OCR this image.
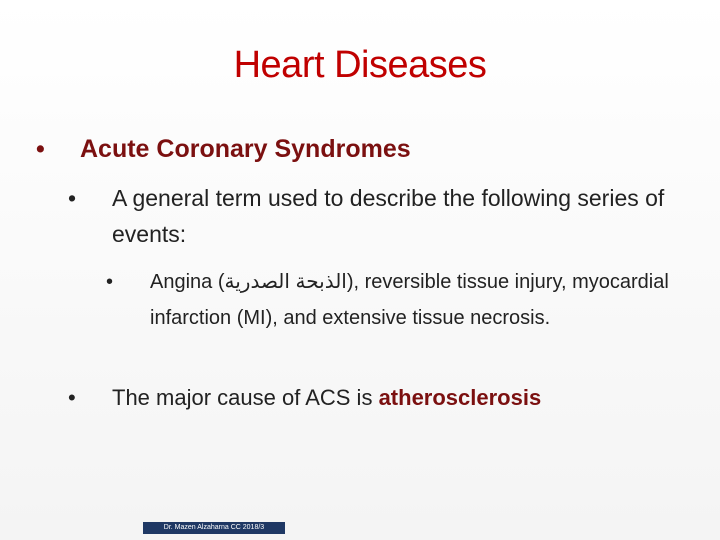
Heart Diseases
• Acute Coronary Syndromes
• A general term used to describe the following series of events:
• Angina (الذبحة الصدرية), reversible tissue injury, myocardial infarction (MI), and extensive tissue necrosis.
• The major cause of ACS is atherosclerosis
Dr. Mazen Alzaharna CC 2018/3
